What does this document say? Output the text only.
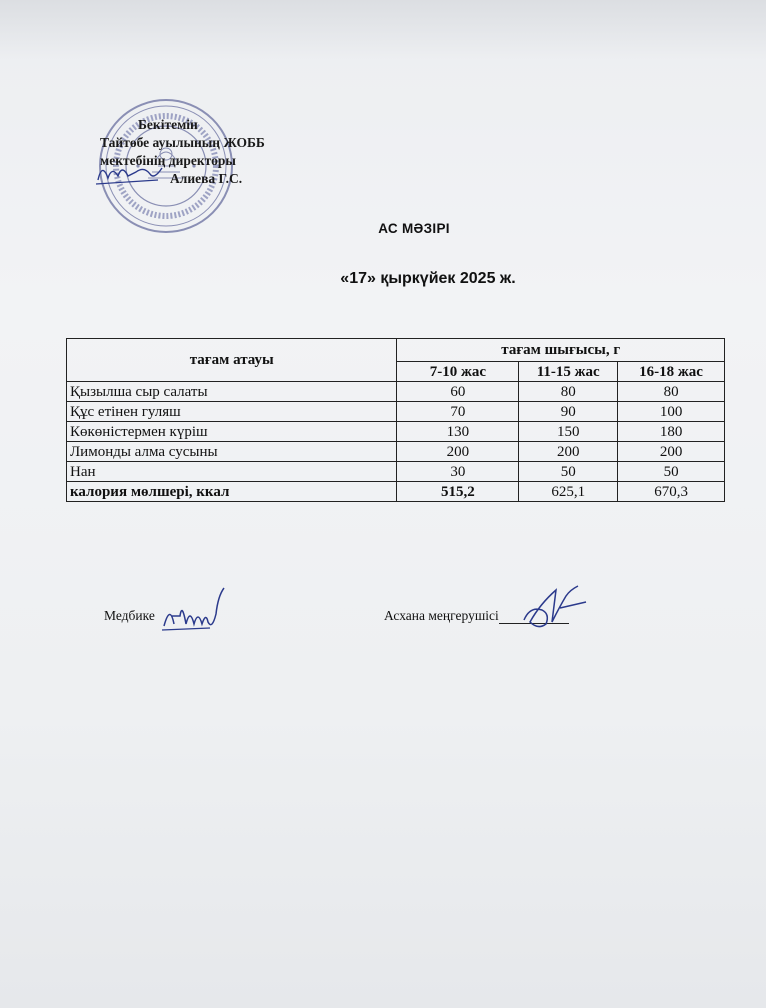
Бекітемін
Тайтөбе ауылының ЖОББ
мектебінің директоры
Алиева Г.С.
АС МӘЗІРІ
«17» қыркүйек 2025 ж.
тағам атауы	тағам шығысы, г		
	7-10 жас	11-15 жас	16-18 жас
Қызылша сыр салаты	60	80	80
Құс етінен гуляш	70	90	100
Көкөністермен күріш	130	150	180
Лимонды алма сусыны	200	200	200
Нан	30	50	50
калория мөлшері, ккал	515,2	625,1	670,3
Медбике	Асхана меңгерушісі
